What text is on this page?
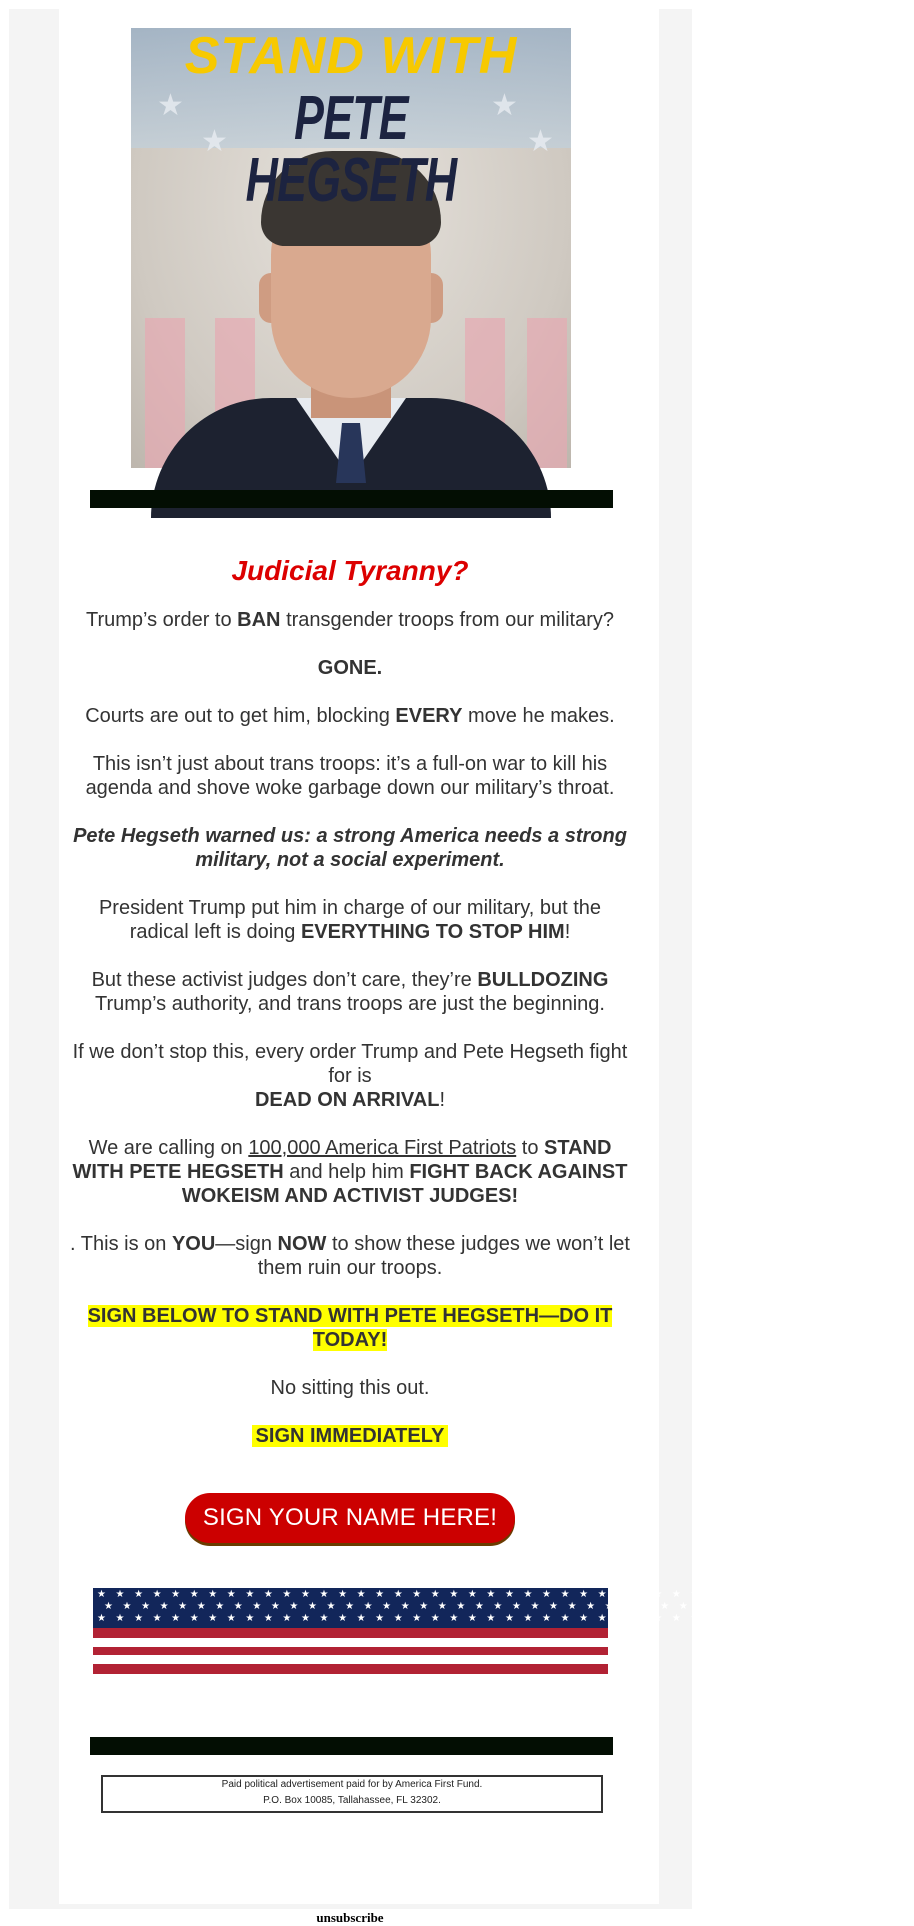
★
★
★
★
STAND WITH
PETE HEGSETH
Judicial Tyranny?

Trump’s order to BAN transgender troops from our military?

GONE.

Courts are out to get him, blocking EVERY move he makes.

This isn’t just about trans troops: it’s a full-on war to kill his agenda and shove woke garbage down our military’s throat.

Pete Hegseth warned us: a strong America needs a strong military, not a social experiment.

President Trump put him in charge of our military, but the radical left is doing EVERYTHING TO STOP HIM!

But these activist judges don’t care, they’re BULLDOZING Trump’s authority, and trans troops are just the beginning.

If we don’t stop this, every order Trump and Pete Hegseth fight for is
DEAD ON ARRIVAL!

We are calling on 100,000 America First Patriots to STAND WITH PETE HEGSETH and help him FIGHT BACK AGAINST WOKEISM AND ACTIVIST JUDGES!

. This is on YOU—sign NOW to show these judges we won’t let them ruin our troops.

SIGN BELOW TO STAND WITH PETE HEGSETH—DO IT TODAY!

No sitting this out.

SIGN IMMEDIATELY

SIGN YOUR NAME HERE!
★ ★ ★ ★ ★ ★ ★ ★ ★ ★ ★ ★ ★ ★ ★ ★ ★ ★ ★ ★ ★ ★ ★ ★ ★ ★ ★ ★ ★ ★ ★ ★ ★ ★ ★ ★ ★ ★ ★ ★ ★ ★ ★ ★
★ ★ ★ ★ ★ ★ ★ ★ ★ ★ ★ ★ ★ ★ ★ ★ ★ ★ ★ ★ ★ ★ ★ ★ ★ ★ ★ ★ ★ ★ ★ ★ ★ ★ ★ ★ ★ ★ ★ ★ ★ ★ ★ ★
★ ★ ★ ★ ★ ★ ★ ★ ★ ★ ★ ★ ★ ★ ★ ★ ★ ★ ★ ★ ★ ★ ★ ★ ★ ★ ★ ★ ★ ★ ★ ★ ★ ★ ★ ★ ★ ★ ★ ★ ★ ★ ★ ★
Paid political advertisement paid for by America First Fund.
P.O. Box 10085, Tallahassee, FL 32302.
unsubscribe
